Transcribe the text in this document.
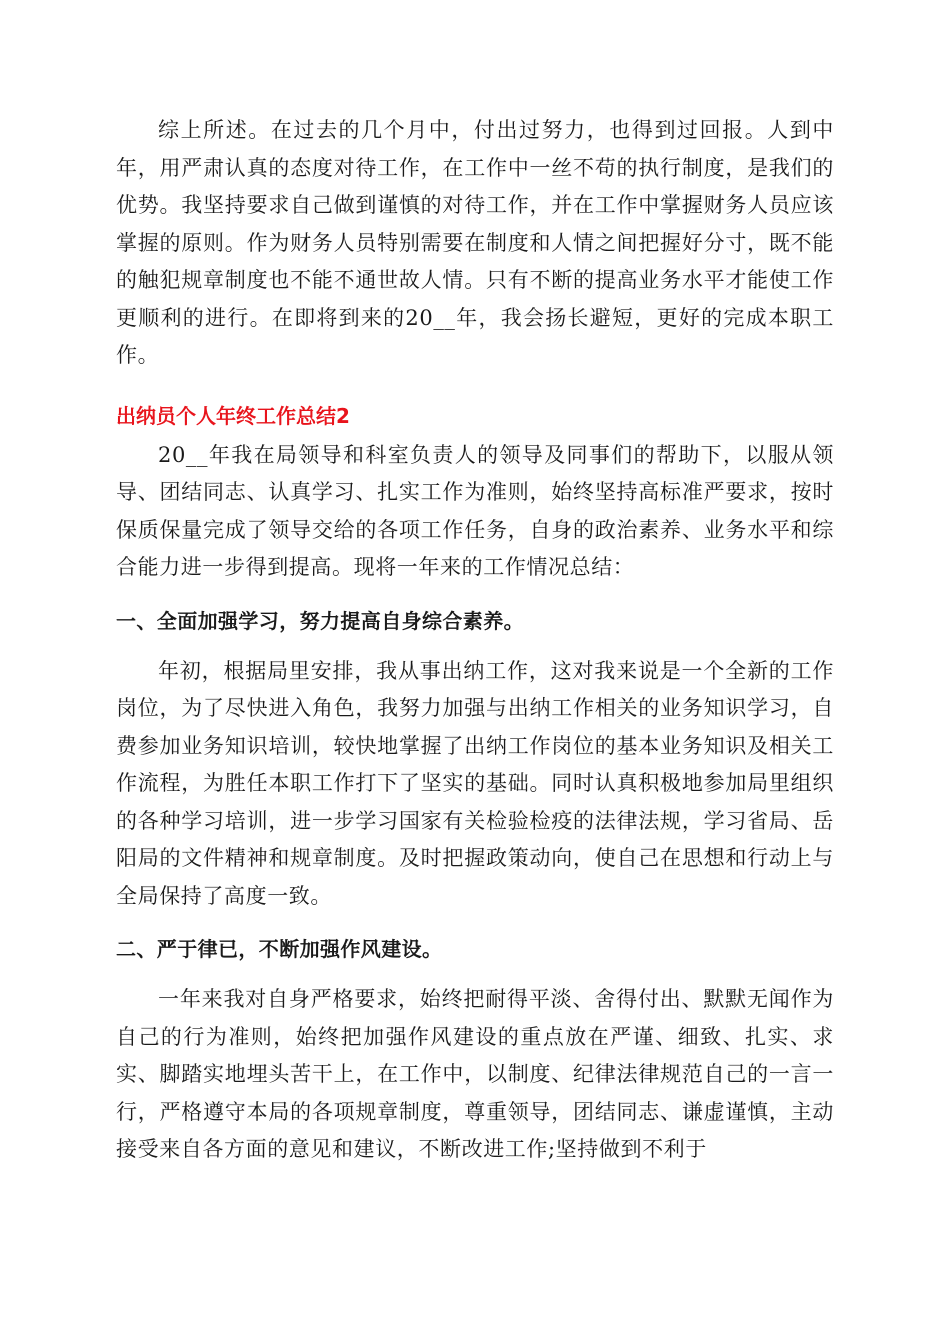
综上所述。在过去的几个月中，付出过努力，也得到过回报。人到中年，用严肃认真的态度对待工作，在工作中一丝不苟的执行制度，是我们的优势。我坚持要求自己做到谨慎的对待工作，并在工作中掌握财务人员应该掌握的原则。作为财务人员特别需要在制度和人情之间把握好分寸，既不能的触犯规章制度也不能不通世故人情。只有不断的提高业务水平才能使工作更顺利的进行。在即将到来的20__年，我会扬长避短，更好的完成本职工作。

出纳员个人年终工作总结2

20__年我在局领导和科室负责人的领导及同事们的帮助下，以服从领导、团结同志、认真学习、扎实工作为准则，始终坚持高标准严要求，按时保质保量完成了领导交给的各项工作任务，自身的政治素养、业务水平和综合能力进一步得到提高。现将一年来的工作情况总结：

一、全面加强学习，努力提高自身综合素养。

年初，根据局里安排，我从事出纳工作，这对我来说是一个全新的工作岗位，为了尽快进入角色，我努力加强与出纳工作相关的业务知识学习，自费参加业务知识培训，较快地掌握了出纳工作岗位的基本业务知识及相关工作流程，为胜任本职工作打下了坚实的基础。同时认真积极地参加局里组织的各种学习培训，进一步学习国家有关检验检疫的法律法规，学习省局、岳阳局的文件精神和规章制度。及时把握政策动向，使自己在思想和行动上与全局保持了高度一致。

二、严于律已，不断加强作风建设。

一年来我对自身严格要求，始终把耐得平淡、舍得付出、默默无闻作为自己的行为准则，始终把加强作风建设的重点放在严谨、细致、扎实、求实、脚踏实地埋头苦干上，在工作中，以制度、纪律法律规范自己的一言一行，严格遵守本局的各项规章制度，尊重领导，团结同志、谦虚谨慎，主动接受来自各方面的意见和建议，不断改进工作;坚持做到不利于
